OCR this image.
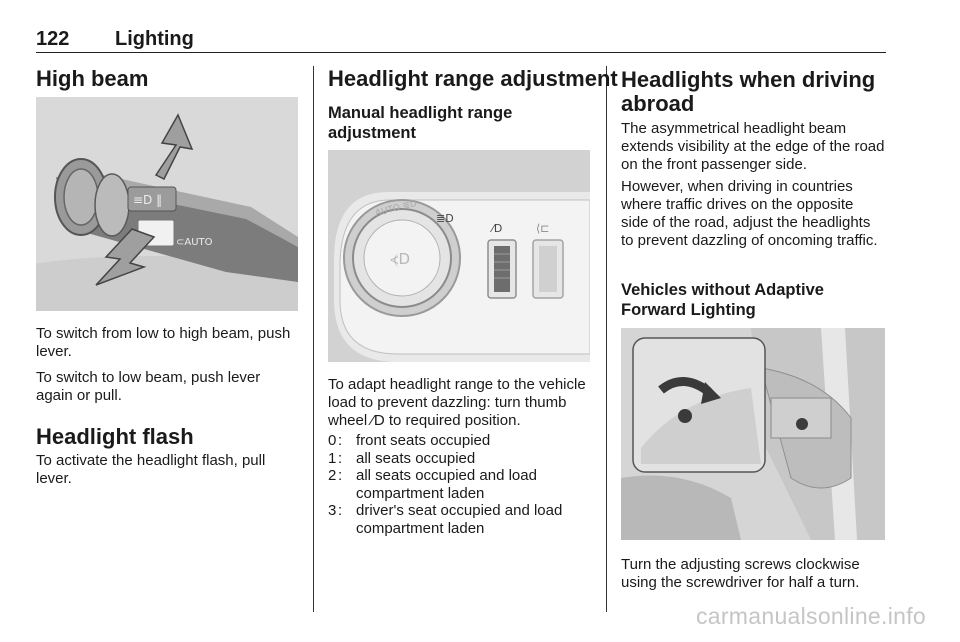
122 Lighting
High beam
≡D ‖
⊂AUTO

To switch from low to high beam, push lever.

To switch to low beam, push lever again or pull.

Headlight flash

To activate the headlight flash, pull lever.

Headlight range adjustment
Manual headlight range adjustment
⦓D
AUTO ≣D ≣D
⁄D	⟨⊏

To adapt headlight range to the vehicle load to prevent dazzling: turn thumb wheel ⁄D to required position.

0 : front seats occupied
1 : all seats occupied
2 : all seats occupied and load compartment laden
3 : driver's seat occupied and load compartment laden
Headlights when driving abroad

The asymmetrical headlight beam extends visibility at the edge of the road on the front passenger side.

However, when driving in countries where traffic drives on the opposite side of the road, adjust the headlights to prevent dazzling of oncoming traffic.

Vehicles without Adaptive Forward Lighting

Turn the adjusting screws clockwise using the screwdriver for half a turn.

carmanualsonline.info
